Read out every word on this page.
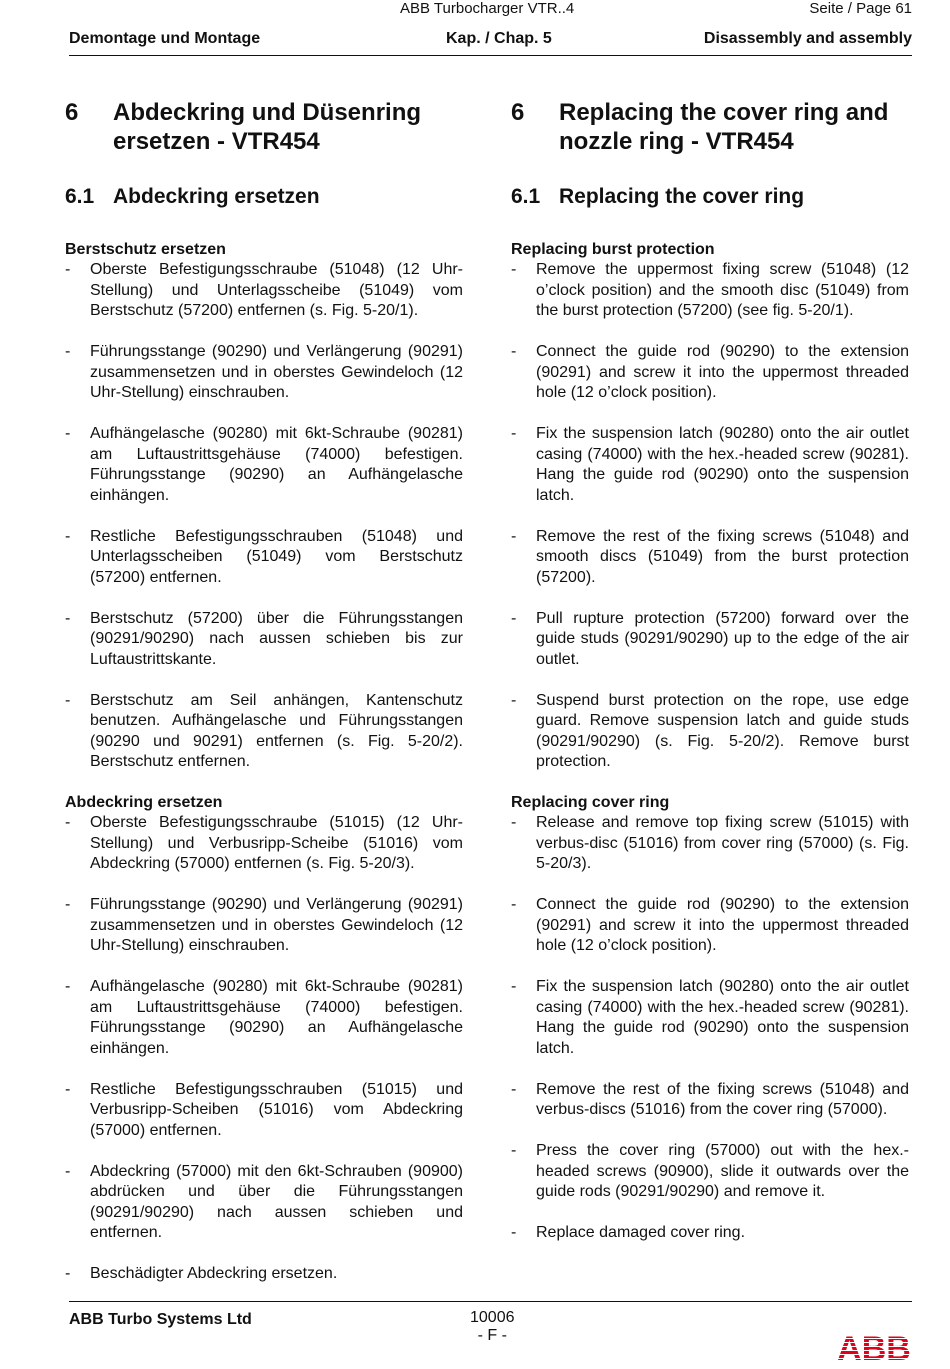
ABB Turbocharger VTR..4	Seite / Page 61
Demontage und Montage	Kap. / Chap. 5	Disassembly and assembly
6	Abdeckring und Düsenring ersetzen - VTR454
6.1 Abdeckring ersetzen
Berstschutz ersetzen
-	Oberste Befestigungsschraube (51048) (12 Uhr-Stellung) und Unterlagsscheibe (51049) vom Berstschutz (57200) entfernen (s. Fig. 5-20/1).
-	Führungsstange (90290) und Verlängerung (90291) zusammensetzen und in oberstes Gewindeloch (12 Uhr-Stellung) einschrauben.
-	Aufhängelasche (90280) mit 6kt-Schraube (90281) am Luftaustrittsgehäuse (74000) befestigen. Führungsstange (90290) an Aufhängelasche einhängen.
-	Restliche Befestigungsschrauben (51048) und Unterlagsscheiben (51049) vom Berstschutz (57200) entfernen.
-	Berstschutz (57200) über die Führungsstangen (90291/90290) nach aussen schieben bis zur Luftaustrittskante.
-	Berstschutz am Seil anhängen, Kantenschutz benutzen. Aufhängelasche und Führungsstangen (90290 und 90291) entfernen (s. Fig. 5-20/2). Berstschutz entfernen.
Abdeckring ersetzen
-	Oberste Befestigungsschraube (51015) (12 Uhr-Stellung) und Verbusripp-Scheibe (51016) vom Abdeckring (57000) entfernen (s. Fig. 5-20/3).
-	Führungsstange (90290) und Verlängerung (90291) zusammensetzen und in oberstes Gewindeloch (12 Uhr-Stellung) einschrauben.
-	Aufhängelasche (90280) mit 6kt-Schraube (90281) am Luftaustrittsgehäuse (74000) befestigen. Führungsstange (90290) an Aufhängelasche einhängen.
-	Restliche Befestigungsschrauben (51015) und Verbusripp-Scheiben (51016) vom Abdeckring (57000) entfernen.
-	Abdeckring (57000) mit den 6kt-Schrauben (90900) abdrücken und über die Führungsstangen (90291/90290) nach aussen schieben und entfernen.
-	Beschädigter Abdeckring ersetzen.
6	Replacing the cover ring and nozzle ring - VTR454
6.1 Replacing the cover ring
Replacing burst protection
-	Remove the uppermost fixing screw (51048) (12 o’clock position) and the smooth disc (51049) from the burst protection (57200) (see fig. 5-20/1).
-	Connect the guide rod (90290) to the extension (90291) and screw it into the uppermost threaded hole (12 o’clock position).
-	Fix the suspension latch (90280) onto the air outlet casing (74000) with the hex.-headed screw (90281). Hang the guide rod (90290) onto the suspension latch.
-	Remove the rest of the fixing screws (51048) and smooth discs (51049) from the burst protection (57200).
-	Pull rupture protection (57200) forward over the guide studs (90291/90290) up to the edge of the air outlet.
-	Suspend burst protection on the rope, use edge guard. Remove suspension latch and guide studs (90291/90290) (s. Fig. 5-20/2). Remove burst protection.
Replacing cover ring
-	Release and remove top fixing screw (51015) with verbus-disc (51016) from cover ring (57000) (s. Fig. 5-20/3).
-	Connect the guide rod (90290) to the extension (90291) and screw it into the uppermost threaded hole (12 o’clock position).
-	Fix the suspension latch (90280) onto the air outlet casing (74000) with the hex.-headed screw (90281). Hang the guide rod (90290) onto the suspension latch.
-	Remove the rest of the fixing screws (51048) and verbus-discs (51016) from the cover ring (57000).
-	Press the cover ring (57000) out with the hex.-headed screws (90900), slide it outwards over the guide rods (90291/90290) and remove it.
-	Replace damaged cover ring.
ABB Turbo Systems Ltd	10006
- F -	ABB
